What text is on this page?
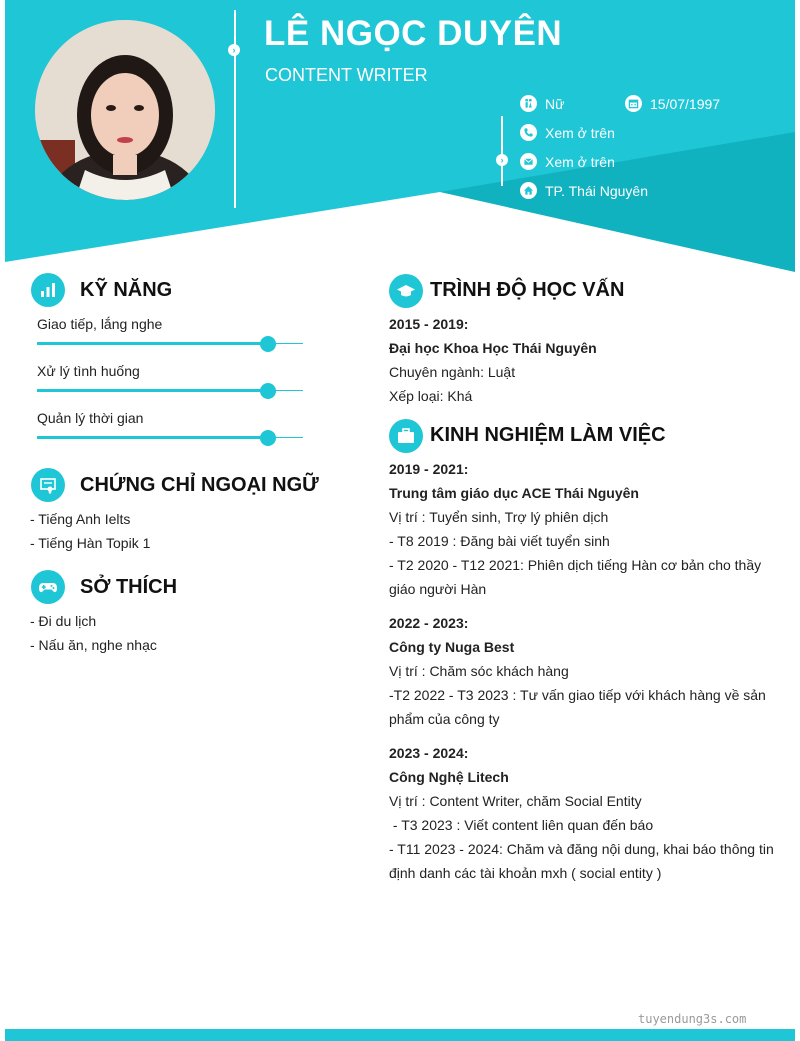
› LÊ NGỌC DUYÊN
CONTENT WRITER
›
Nữ	15/07/1997
Xem ở trên
Xem ở trên
TP. Thái Nguyên
KỸ NĂNG
Giao tiếp, lắng nghe
Xử lý tình huống
Quản lý thời gian
CHỨNG CHỈ NGOẠI NGỮ
- Tiếng Anh Ielts
- Tiếng Hàn Topik 1
SỞ THÍCH
- Đi du lịch
- Nấu ăn, nghe nhạc
TRÌNH ĐỘ HỌC VẤN
2015 - 2019:
Đại học Khoa Học Thái Nguyên
Chuyên ngành: Luật
Xếp loại: Khá
KINH NGHIỆM LÀM VIỆC
2019 - 2021:
Trung tâm giáo dục ACE Thái Nguyên
Vị trí : Tuyển sinh, Trợ lý phiên dịch
- T8 2019 : Đăng bài viết tuyển sinh
- T2 2020 - T12 2021: Phiên dịch tiếng Hàn cơ bản cho thầy giáo người Hàn
2022 - 2023:
Công ty Nuga Best
Vị trí : Chăm sóc khách hàng
-T2 2022 - T3 2023 : Tư vấn giao tiếp với khách hàng về sản phẩm của công ty
2023 - 2024:
Công Nghệ Litech
Vị trí : Content Writer, chăm Social Entity
- T3 2023 : Viết content liên quan đến báo
- T11 2023 - 2024: Chăm và đăng nội dung, khai báo thông tin định danh các tài khoản mxh ( social entity )
tuyendung3s.com
